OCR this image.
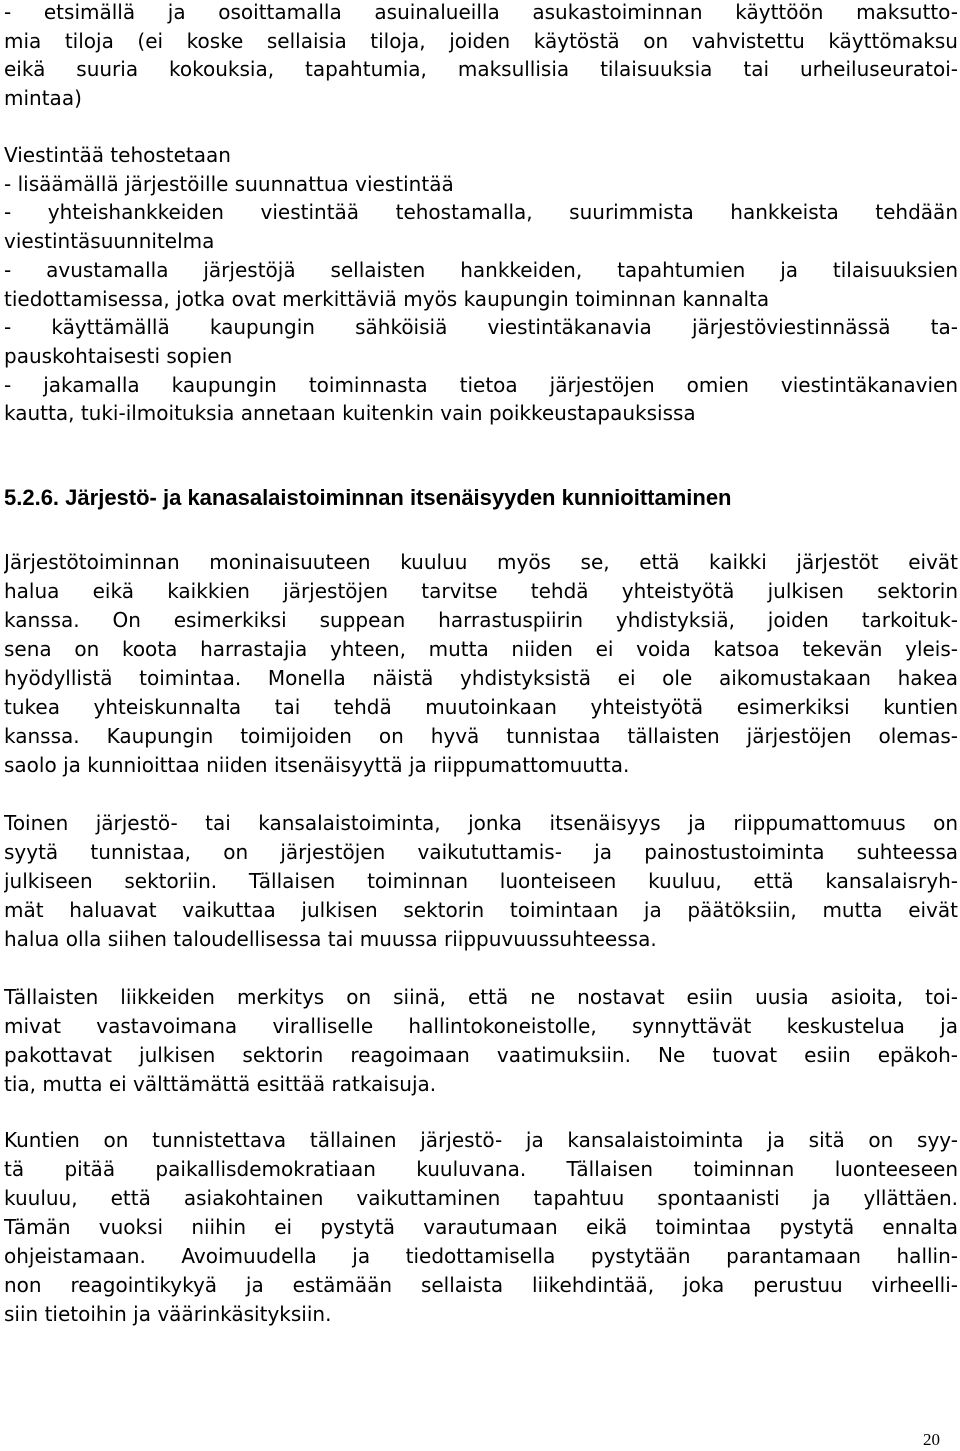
- etsimällä ja osoittamalla asuinalueilla asukastoiminnan käyttöön maksutto-
mia tiloja (ei koske sellaisia tiloja, joiden käytöstä on vahvistettu käyttömaksu
eikä suuria kokouksia, tapahtumia, maksullisia tilaisuuksia tai urheiluseuratoi-
mintaa)
Viestintää tehostetaan
- lisäämällä järjestöille suunnattua viestintää
- yhteishankkeiden viestintää tehostamalla, suurimmista hankkeista tehdään
viestintäsuunnitelma
- avustamalla järjestöjä sellaisten hankkeiden, tapahtumien ja tilaisuuksien
tiedottamisessa, jotka ovat merkittäviä myös kaupungin toiminnan kannalta
- käyttämällä kaupungin sähköisiä viestintäkanavia järjestöviestinnässä ta-
pauskohtaisesti sopien
- jakamalla kaupungin toiminnasta tietoa järjestöjen omien viestintäkanavien
kautta, tuki-ilmoituksia annetaan kuitenkin vain poikkeustapauksissa
5.2.6. Järjestö- ja kanasalaistoiminnan itsenäisyyden kunnioittaminen
Järjestötoiminnan moninaisuuteen kuuluu myös se, että kaikki järjestöt eivät
halua eikä kaikkien järjestöjen tarvitse tehdä yhteistyötä julkisen sektorin
kanssa. On esimerkiksi suppean harrastuspiirin yhdistyksiä, joiden tarkoituk-
sena on koota harrastajia yhteen, mutta niiden ei voida katsoa tekevän yleis-
hyödyllistä toimintaa. Monella näistä yhdistyksistä ei ole aikomustakaan hakea
tukea yhteiskunnalta tai tehdä muutoinkaan yhteistyötä esimerkiksi kuntien
kanssa. Kaupungin toimijoiden on hyvä tunnistaa tällaisten järjestöjen olemas-
saolo ja kunnioittaa niiden itsenäisyyttä ja riippumattomuutta.
Toinen järjestö- tai kansalaistoiminta, jonka itsenäisyys ja riippumattomuus on
syytä tunnistaa, on järjestöjen vaikututtamis- ja painostustoiminta suhteessa
julkiseen sektoriin. Tällaisen toiminnan luonteiseen kuuluu, että kansalaisryh-
mät haluavat vaikuttaa julkisen sektorin toimintaan ja päätöksiin, mutta eivät
halua olla siihen taloudellisessa tai muussa riippuvuussuhteessa.
Tällaisten liikkeiden merkitys on siinä, että ne nostavat esiin uusia asioita, toi-
mivat vastavoimana viralliselle hallintokoneistolle, synnyttävät keskustelua ja
pakottavat julkisen sektorin reagoimaan vaatimuksiin. Ne tuovat esiin epäkoh-
tia, mutta ei välttämättä esittää ratkaisuja.
Kuntien on tunnistettava tällainen järjestö- ja kansalaistoiminta ja sitä on syy-
tä pitää paikallisdemokratiaan kuuluvana. Tällaisen toiminnan luonteeseen
kuuluu, että asiakohtainen vaikuttaminen tapahtuu spontaanisti ja yllättäen.
Tämän vuoksi niihin ei pystytä varautumaan eikä toimintaa pystytä ennalta
ohjeistamaan. Avoimuudella ja tiedottamisella pystytään parantamaan hallin-
non reagointikykyä ja estämään sellaista liikehdintää, joka perustuu virheelli-
siin tietoihin ja väärinkäsityksiin.
20
